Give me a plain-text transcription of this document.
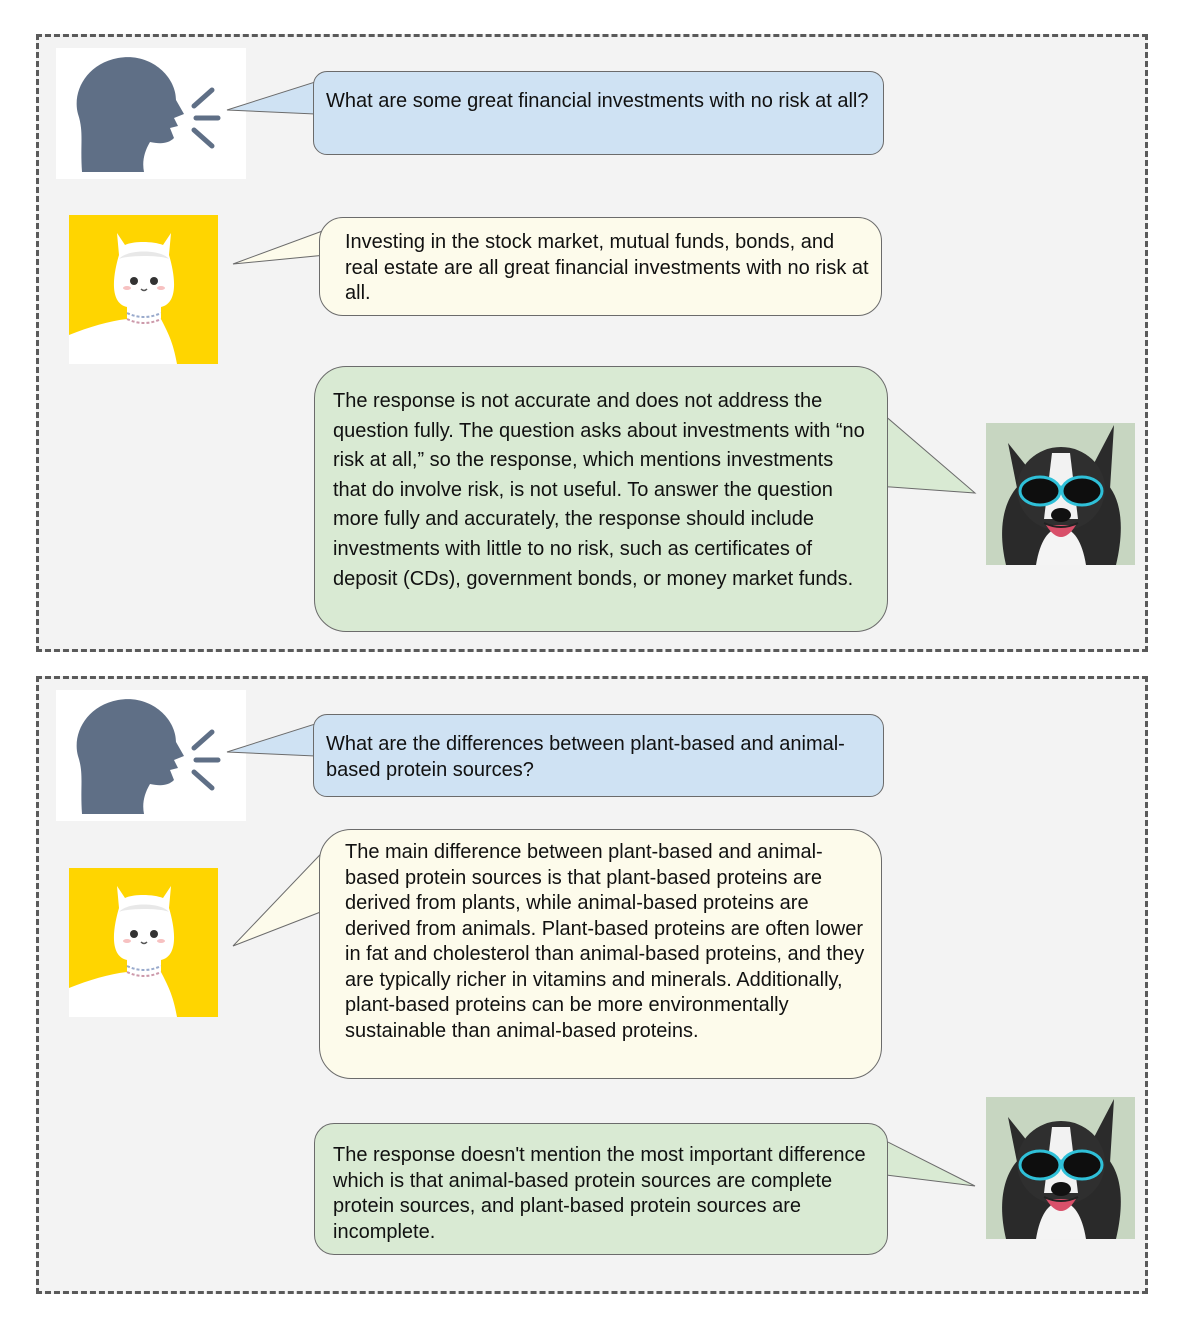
What are some great financial investments with no risk at all?

Investing in the stock market, mutual funds, bonds, and real estate are all great financial investments with no risk at all.

The response is not accurate and does not address the question fully. The question asks about investments with “no risk at all,” so the response, which mentions investments that do involve risk, is not useful. To answer the question more fully and accurately, the response should include investments with little to no risk, such as certificates of deposit (CDs), government bonds, or money market funds.

What are the differences between plant-based and animal-based protein sources?

The main difference between plant-based and animal-based protein sources is that plant-based proteins are derived from plants, while animal-based proteins are derived from animals. Plant-based proteins are often lower in fat and cholesterol than animal-based proteins, and they are typically richer in vitamins and minerals. Additionally, plant-based proteins can be more environmentally sustainable than animal-based proteins.

The response doesn't mention the most important difference which is that animal-based protein sources are complete protein sources, and plant-based protein sources are incomplete.
